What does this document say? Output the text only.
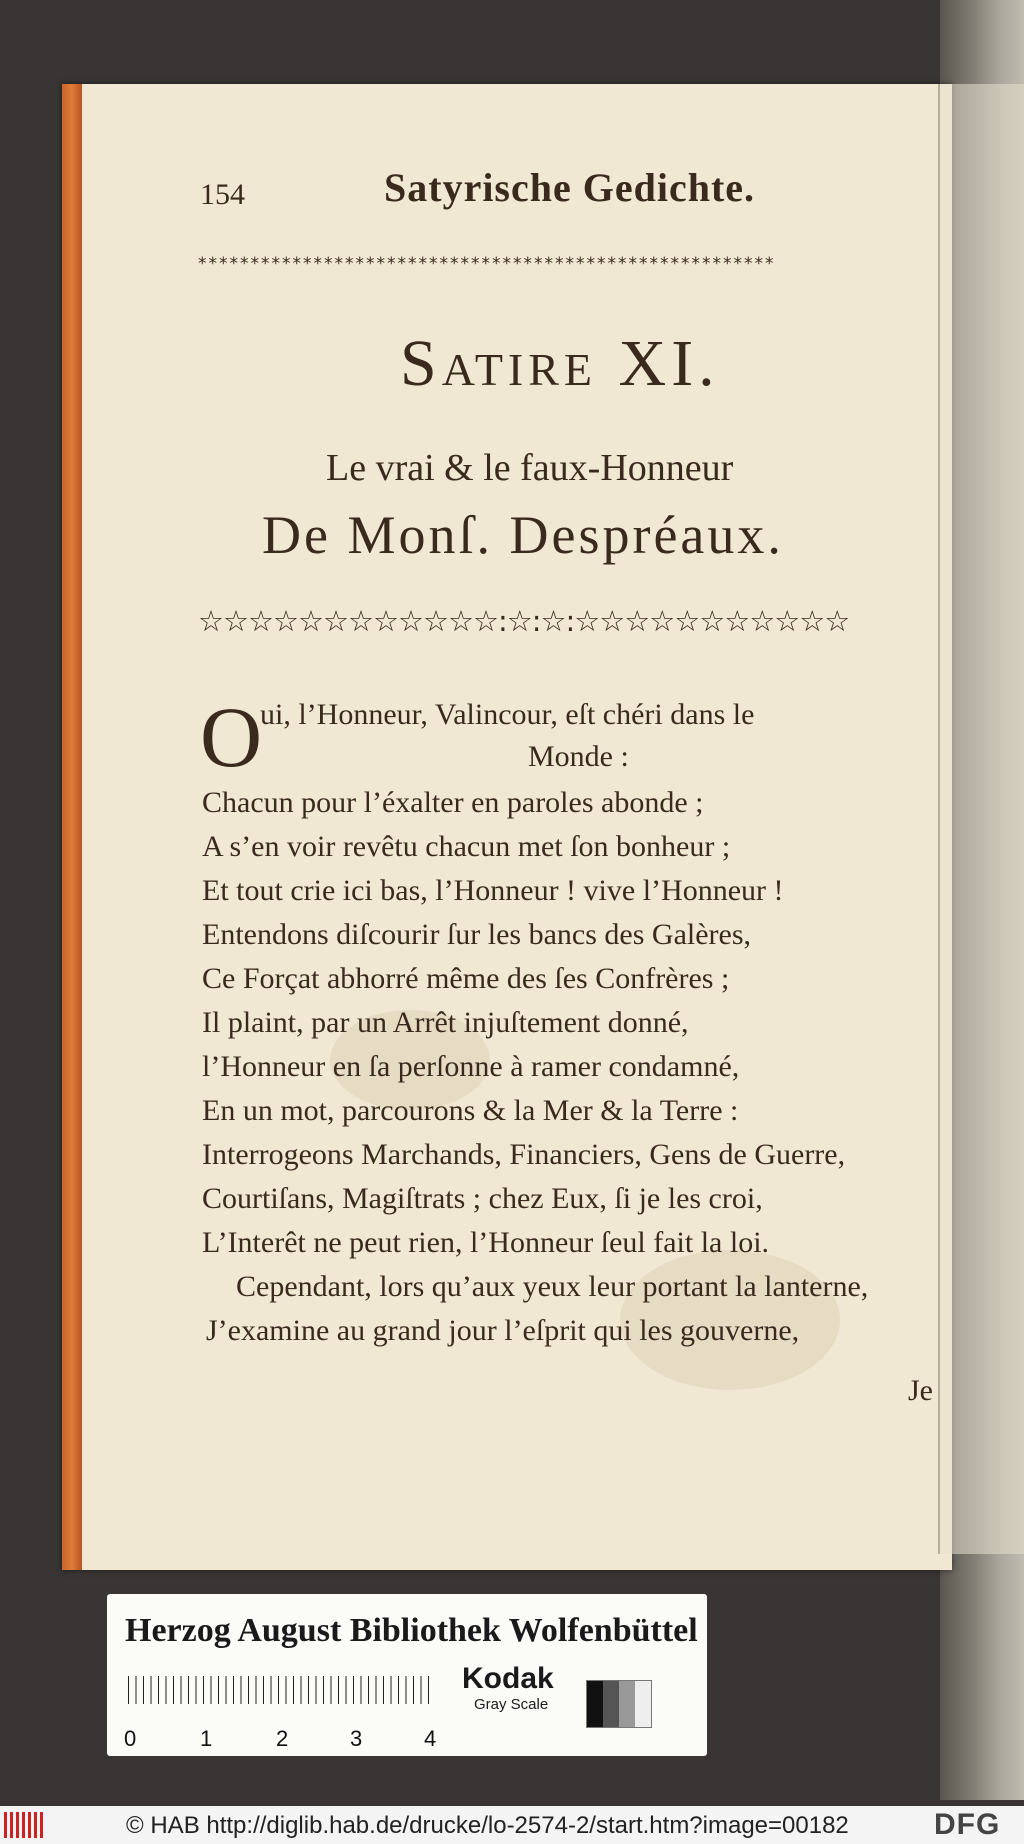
154	Satyrische Gedichte.
*******************************************************
Satire XI.
Le vrai & le faux-Honneur
De Monſ. Despréaux.
☆☆☆☆☆☆☆☆☆☆☆☆:☆:☆:☆☆☆☆☆☆☆☆☆☆☆
O
ui, l’Honneur, Valincour, eſt chéri dans le
Monde :
Chacun pour l’éxalter en paroles abonde ;
A s’en voir revêtu chacun met ſon bonheur ;
Et tout crie ici bas, l’Honneur ! vive l’Honneur !
Entendons diſcourir ſur les bancs des Galères,
Ce Forçat abhorré même des ſes Confrères ;
Il plaint, par un Arrêt injuſtement donné,
l’Honneur en ſa perſonne à ramer condamné,
En un mot, parcourons & la Mer & la Terre :
Interrogeons Marchands, Financiers, Gens de Guerre,
Courtiſans, Magiſtrats ; chez Eux, ſi je les croi,
L’Interêt ne peut rien, l’Honneur ſeul fait la loi.
Cependant, lors qu’aux yeux leur portant la lanterne,
J’examine au grand jour l’eſprit qui les gouverne,
Je
Herzog August Bibliothek Wolfenbüttel
0	1	2	3	4
Kodak
Gray Scale
© HAB http://diglib.hab.de/drucke/lo-2574-2/start.htm?image=00182	DFG
